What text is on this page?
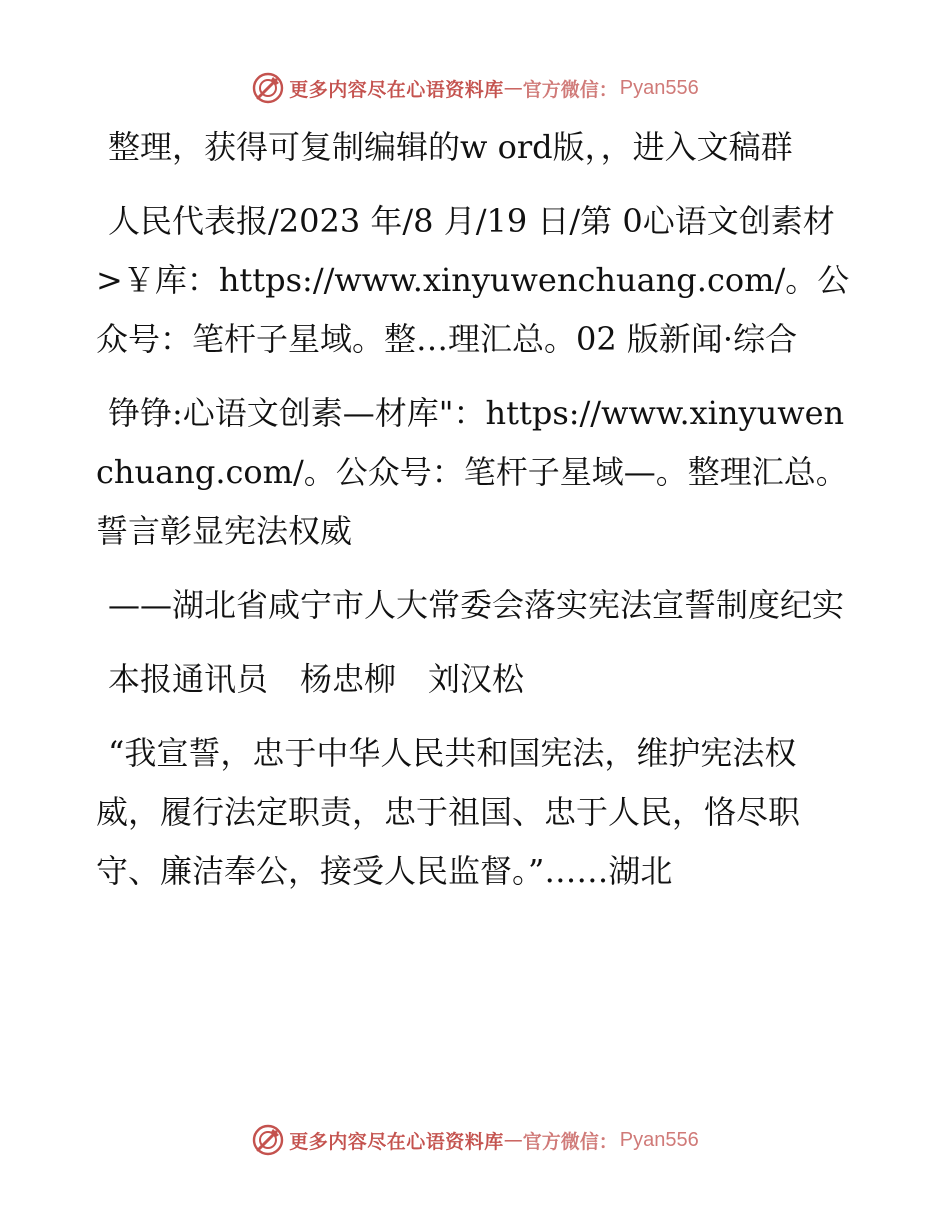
更多内容尽在心语资料库 — 官方微信： Pyan556

整理，获得可复制编辑的w ord版，，进入文稿群

人民代表报/2023 年/8 月/19 日/第 0心语文创素材>￥库：https://www.xinyuwenchuang.com/。公众号：笔杆子星域。整…理汇总。02 版新闻·综合

铮铮:心语文创素—材库"：https://www.xinyuwenchuang.com/。公众号：笔杆子星域—。整理汇总。誓言彰显宪法权威

——湖北省咸宁市人大常委会落实宪法宣誓制度纪实

本报通讯员　杨忠柳　刘汉松

“我宣誓，忠于中华人民共和国宪法，维护宪法权威，履行法定职责，忠于祖国、忠于人民，恪尽职守、廉洁奉公，接受人民监督。”……湖北

更多内容尽在心语资料库 — 官方微信： Pyan556
